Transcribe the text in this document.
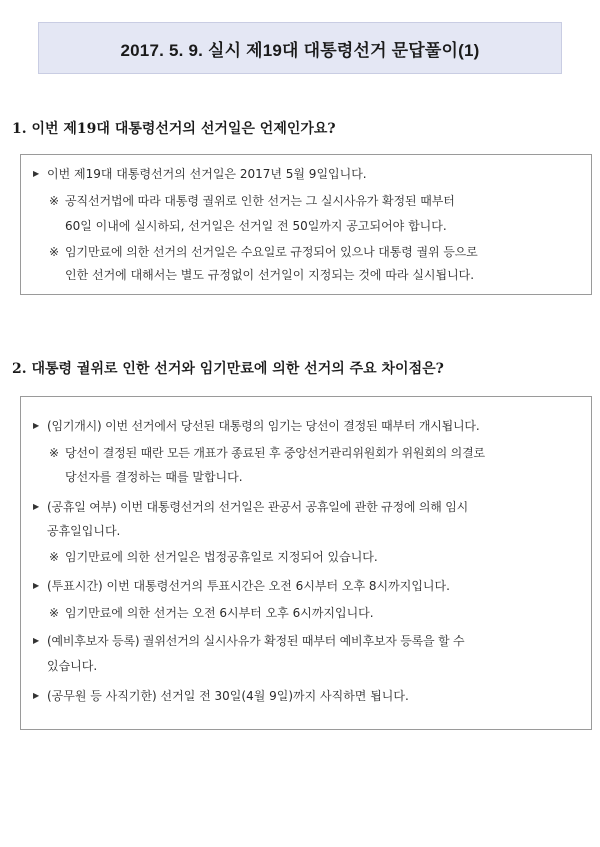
2017. 5. 9. 실시 제19대 대통령선거 문답풀이(1)
1. 이번 제19대 대통령선거의 선거일은 언제인가요?
▶ 이번 제19대 대통령선거의 선거일은 2017년 5월 9일입니다.
※ 공직선거법에 따라 대통령 궐위로 인한 선거는 그 실시사유가 확정된 때부터
60일 이내에 실시하되, 선거일은 선거일 전 50일까지 공고되어야 합니다.
※ 임기만료에 의한 선거의 선거일은 수요일로 규정되어 있으나 대통령 궐위 등으로
인한 선거에 대해서는 별도 규정없이 선거일이 지정되는 것에 따라 실시됩니다.
2. 대통령 궐위로 인한 선거와 임기만료에 의한 선거의 주요 차이점은?
▶ (임기개시) 이번 선거에서 당선된 대통령의 임기는 당선이 결정된 때부터 개시됩니다.
※ 당선이 결정된 때란 모든 개표가 종료된 후 중앙선거관리위원회가 위원회의 의결로
당선자를 결정하는 때를 말합니다.
▶ (공휴일 여부) 이번 대통령선거의 선거일은 관공서 공휴일에 관한 규정에 의해 임시
공휴일입니다.
※ 임기만료에 의한 선거일은 법정공휴일로 지정되어 있습니다.
▶ (투표시간) 이번 대통령선거의 투표시간은 오전 6시부터 오후 8시까지입니다.
※ 임기만료에 의한 선거는 오전 6시부터 오후 6시까지입니다.
▶ (예비후보자 등록) 궐위선거의 실시사유가 확정된 때부터 예비후보자 등록을 할 수
있습니다.
▶ (공무원 등 사직기한) 선거일 전 30일(4월 9일)까지 사직하면 됩니다.
